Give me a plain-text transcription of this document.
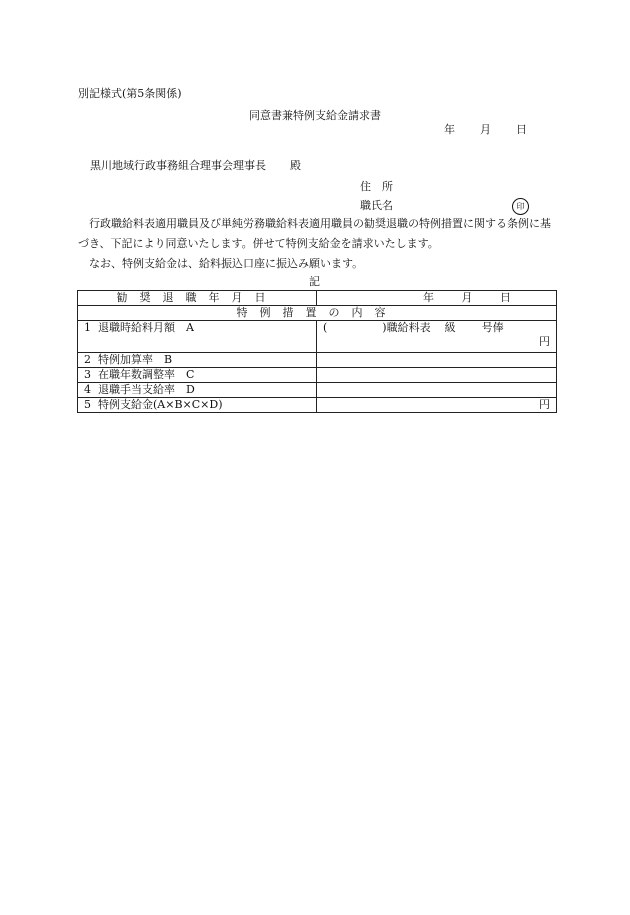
別記様式(第5条関係)
同意書兼特例支給金請求書
年 月 日
黒川地域行政事務組合理事会理事長 殿
住　所
職氏名	印
行政職給料表適用職員及び単純労務職給料表適用職員の勧奨退職の特例措置に関する条例に基づき、下記により同意いたします。併せて特例支給金を請求いたします。
なお、特例支給金は、給料振込口座に振込み願います。
記
勧奨退職年月日	年 月 日
特例措置の内容	
1 退職時給料月額　A	( )職給料表 級 号俸
円

2 特例加算率　B	
3 在職年数調整率　C	
4 退職手当支給率　D	
5 特例支給金(A×B×C×D)	円
